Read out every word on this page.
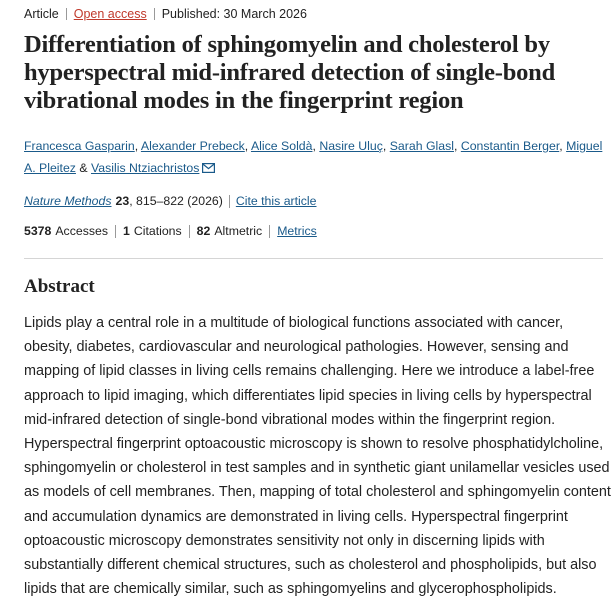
Article Open access Published: 30 March 2026
Differentiation of sphingomyelin and cholesterol by hyperspectral mid-infrared detection of single-bond vibrational modes in the fingerprint region
Francesca Gasparin, Alexander Prebeck, Alice Soldà, Nasire Uluç, Sarah Glasl, Constantin Berger, Miguel A. Pleitez & Vasilis Ntziachristos
Nature Methods 23 , 815–822 (2026) Cite this article
5378 Accesses 1 Citations 82 Altmetric Metrics
Abstract

Lipids play a central role in a multitude of biological functions associated with cancer, obesity, diabetes, cardiovascular and neurological pathologies. However, sensing and mapping of lipid classes in living cells remains challenging. Here we introduce a label-free approach to lipid imaging, which differentiates lipid species in living cells by hyperspectral mid-infrared detection of single-bond vibrational modes within the fingerprint region. Hyperspectral fingerprint optoacoustic microscopy is shown to resolve phosphatidylcholine, sphingomyelin or cholesterol in test samples and in synthetic giant unilamellar vesicles used as models of cell membranes. Then, mapping of total cholesterol and sphingomyelin content and accumulation dynamics are demonstrated in living cells. Hyperspectral fingerprint optoacoustic microscopy demonstrates sensitivity not only in discerning lipids with substantially different chemical structures, such as cholesterol and phospholipids, but also lipids that are chemically similar, such as sphingomyelins and glycerophospholipids.
